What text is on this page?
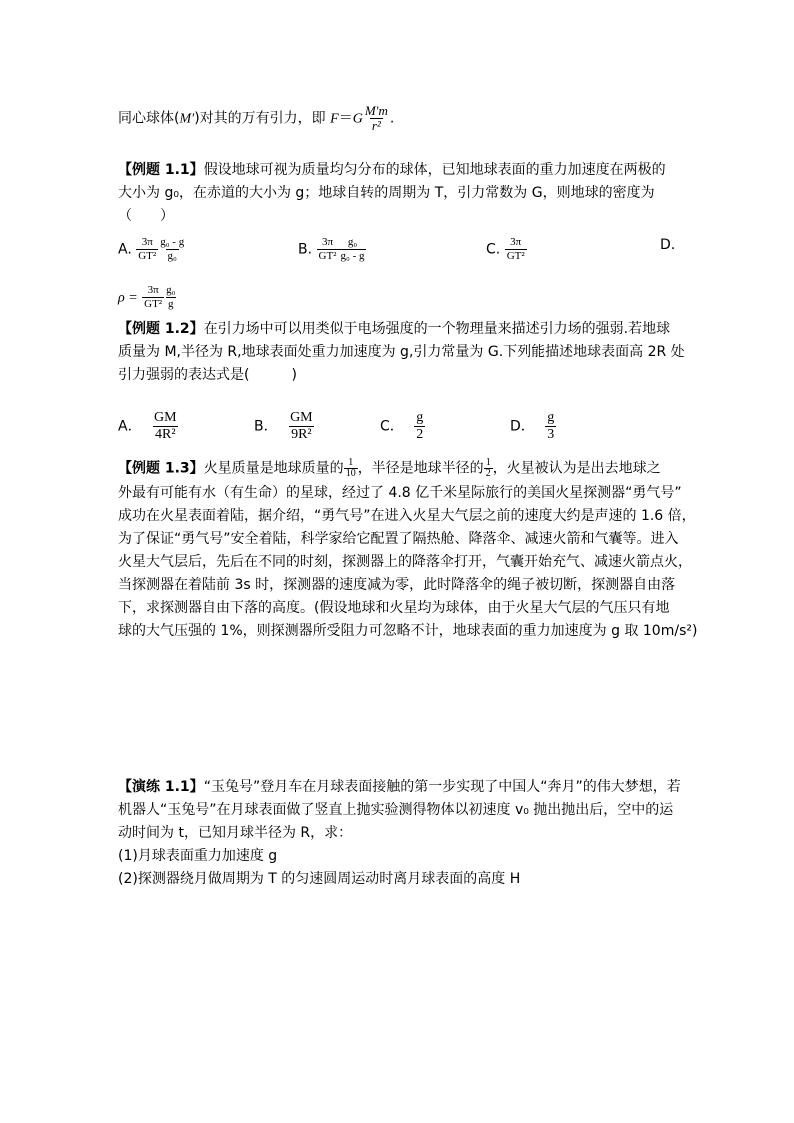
同心球体(M′)对其的万有引力，即 $F=G \frac{M'm}{\text{r²}}$ .
【例题 1.1】假设地球可视为质量均匀分布的球体，已知地球表面的重力加速度在两极的
大小为 g₀，在赤道的大小为 g；地球自转的周期为 T，引力常数为 G，则地球的密度为
（　　）
A. $\frac{3\pi}{\text{GT²}} \frac{\text{g₀ - g}}{\text{g₀}}$	B. $\frac{3\pi}{\text{GT²}} \frac{\text{g₀}}{\text{g₀ - g}}$	C. $\frac{3\pi}{\text{GT²}}$	D.
$\rho = \frac{3\pi}{\text{GT²}} \frac{\text{g₀}}{g}$
【例题 1.2】在引力场中可以用类似于电场强度的一个物理量来描述引力场的强弱.若地球
质量为 M,半径为 R,地球表面处重力加速度为 g,引力常量为 G.下列能描述地球表面高 2R 处
引力强弱的表达式是(　　　)
A． $\frac{GM}{\text{4R²}}$	B． $\frac{GM}{\text{9R²}}$	C． $\frac{g}{2}$	D． $\frac{g}{3}$
【例题 1.3】火星质量是地球质量的 $\frac{1}{10}$ ，半径是地球半径的 $\frac{1}{2}$ ，火星被认为是出去地球之
外最有可能有水（有生命）的星球，经过了 4.8 亿千米星际旅行的美国火星探测器“勇气号”
成功在火星表面着陆，据介绍，“勇气号”在进入火星大气层之前的速度大约是声速的 1.6 倍，
为了保证“勇气号”安全着陆，科学家给它配置了隔热舱、降落伞、减速火箭和气囊等。进入
火星大气层后，先后在不同的时刻，探测器上的降落伞打开，气囊开始充气、减速火箭点火，
当探测器在着陆前 3s 时，探测器的速度减为零，此时降落伞的绳子被切断，探测器自由落
下，求探测器自由下落的高度。(假设地球和火星均为球体，由于火星大气层的气压只有地
球的大气压强的 1%，则探测器所受阻力可忽略不计，地球表面的重力加速度为 g 取 10m/s²)
【演练 1.1】“玉兔号”登月车在月球表面接触的第一步实现了中国人“奔月”的伟大梦想，若
机器人“玉兔号”在月球表面做了竖直上抛实验测得物体以初速度 v₀ 抛出抛出后，空中的运
动时间为 t，已知月球半径为 R，求：
(1)月球表面重力加速度 g
(2)探测器绕月做周期为 T 的匀速圆周运动时离月球表面的高度 H
